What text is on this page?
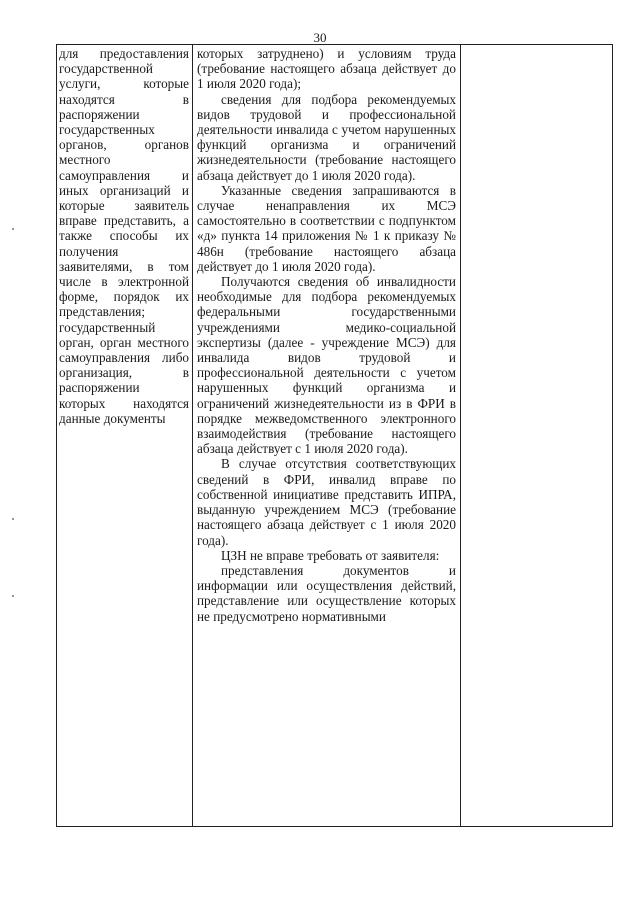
30

для предоставления государственной услуги, которые находятся в распоряжении государственных органов, органов местного самоуправления и иных организаций и которые заявитель вправе представить, а также способы их получения заявителями, в том числе в электронной форме, порядок их представления; государственный орган, орган местного самоуправления либо организация, в распоряжении которых находятся данные документы

которых затруднено) и условиям труда (требование настоящего абзаца действует до 1 июля 2020 года);

сведения для подбора рекомендуемых видов трудовой и профессиональной деятельности инвалида с учетом нарушенных функций организма и ограничений жизнедеятельности (требование настоящего абзаца действует до 1 июля 2020 года).

Указанные сведения запрашиваются в случае ненаправления их МСЭ самостоятельно в соответствии с подпунктом «д» пункта 14 приложения № 1 к приказу № 486н (требование настоящего абзаца действует до 1 июля 2020 года).

Получаются сведения об инвалидности необходимые для подбора рекомендуемых федеральными государственными учреждениями медико-социальной экспертизы (далее - учреждение МСЭ) для инвалида видов трудовой и профессиональной деятельности с учетом нарушенных функций организма и ограничений жизнедеятельности из в ФРИ в порядке межведомственного электронного взаимодействия (требование настоящего абзаца действует с 1 июля 2020 года).

В случае отсутствия соответствующих сведений в ФРИ, инвалид вправе по собственной инициативе представить ИПРА, выданную учреждением МСЭ (требование настоящего абзаца действует с 1 июля 2020 года).

ЦЗН не вправе требовать от заявителя:

представления документов и информации или осуществления действий, представление или осуществление которых не предусмотрено нормативными
